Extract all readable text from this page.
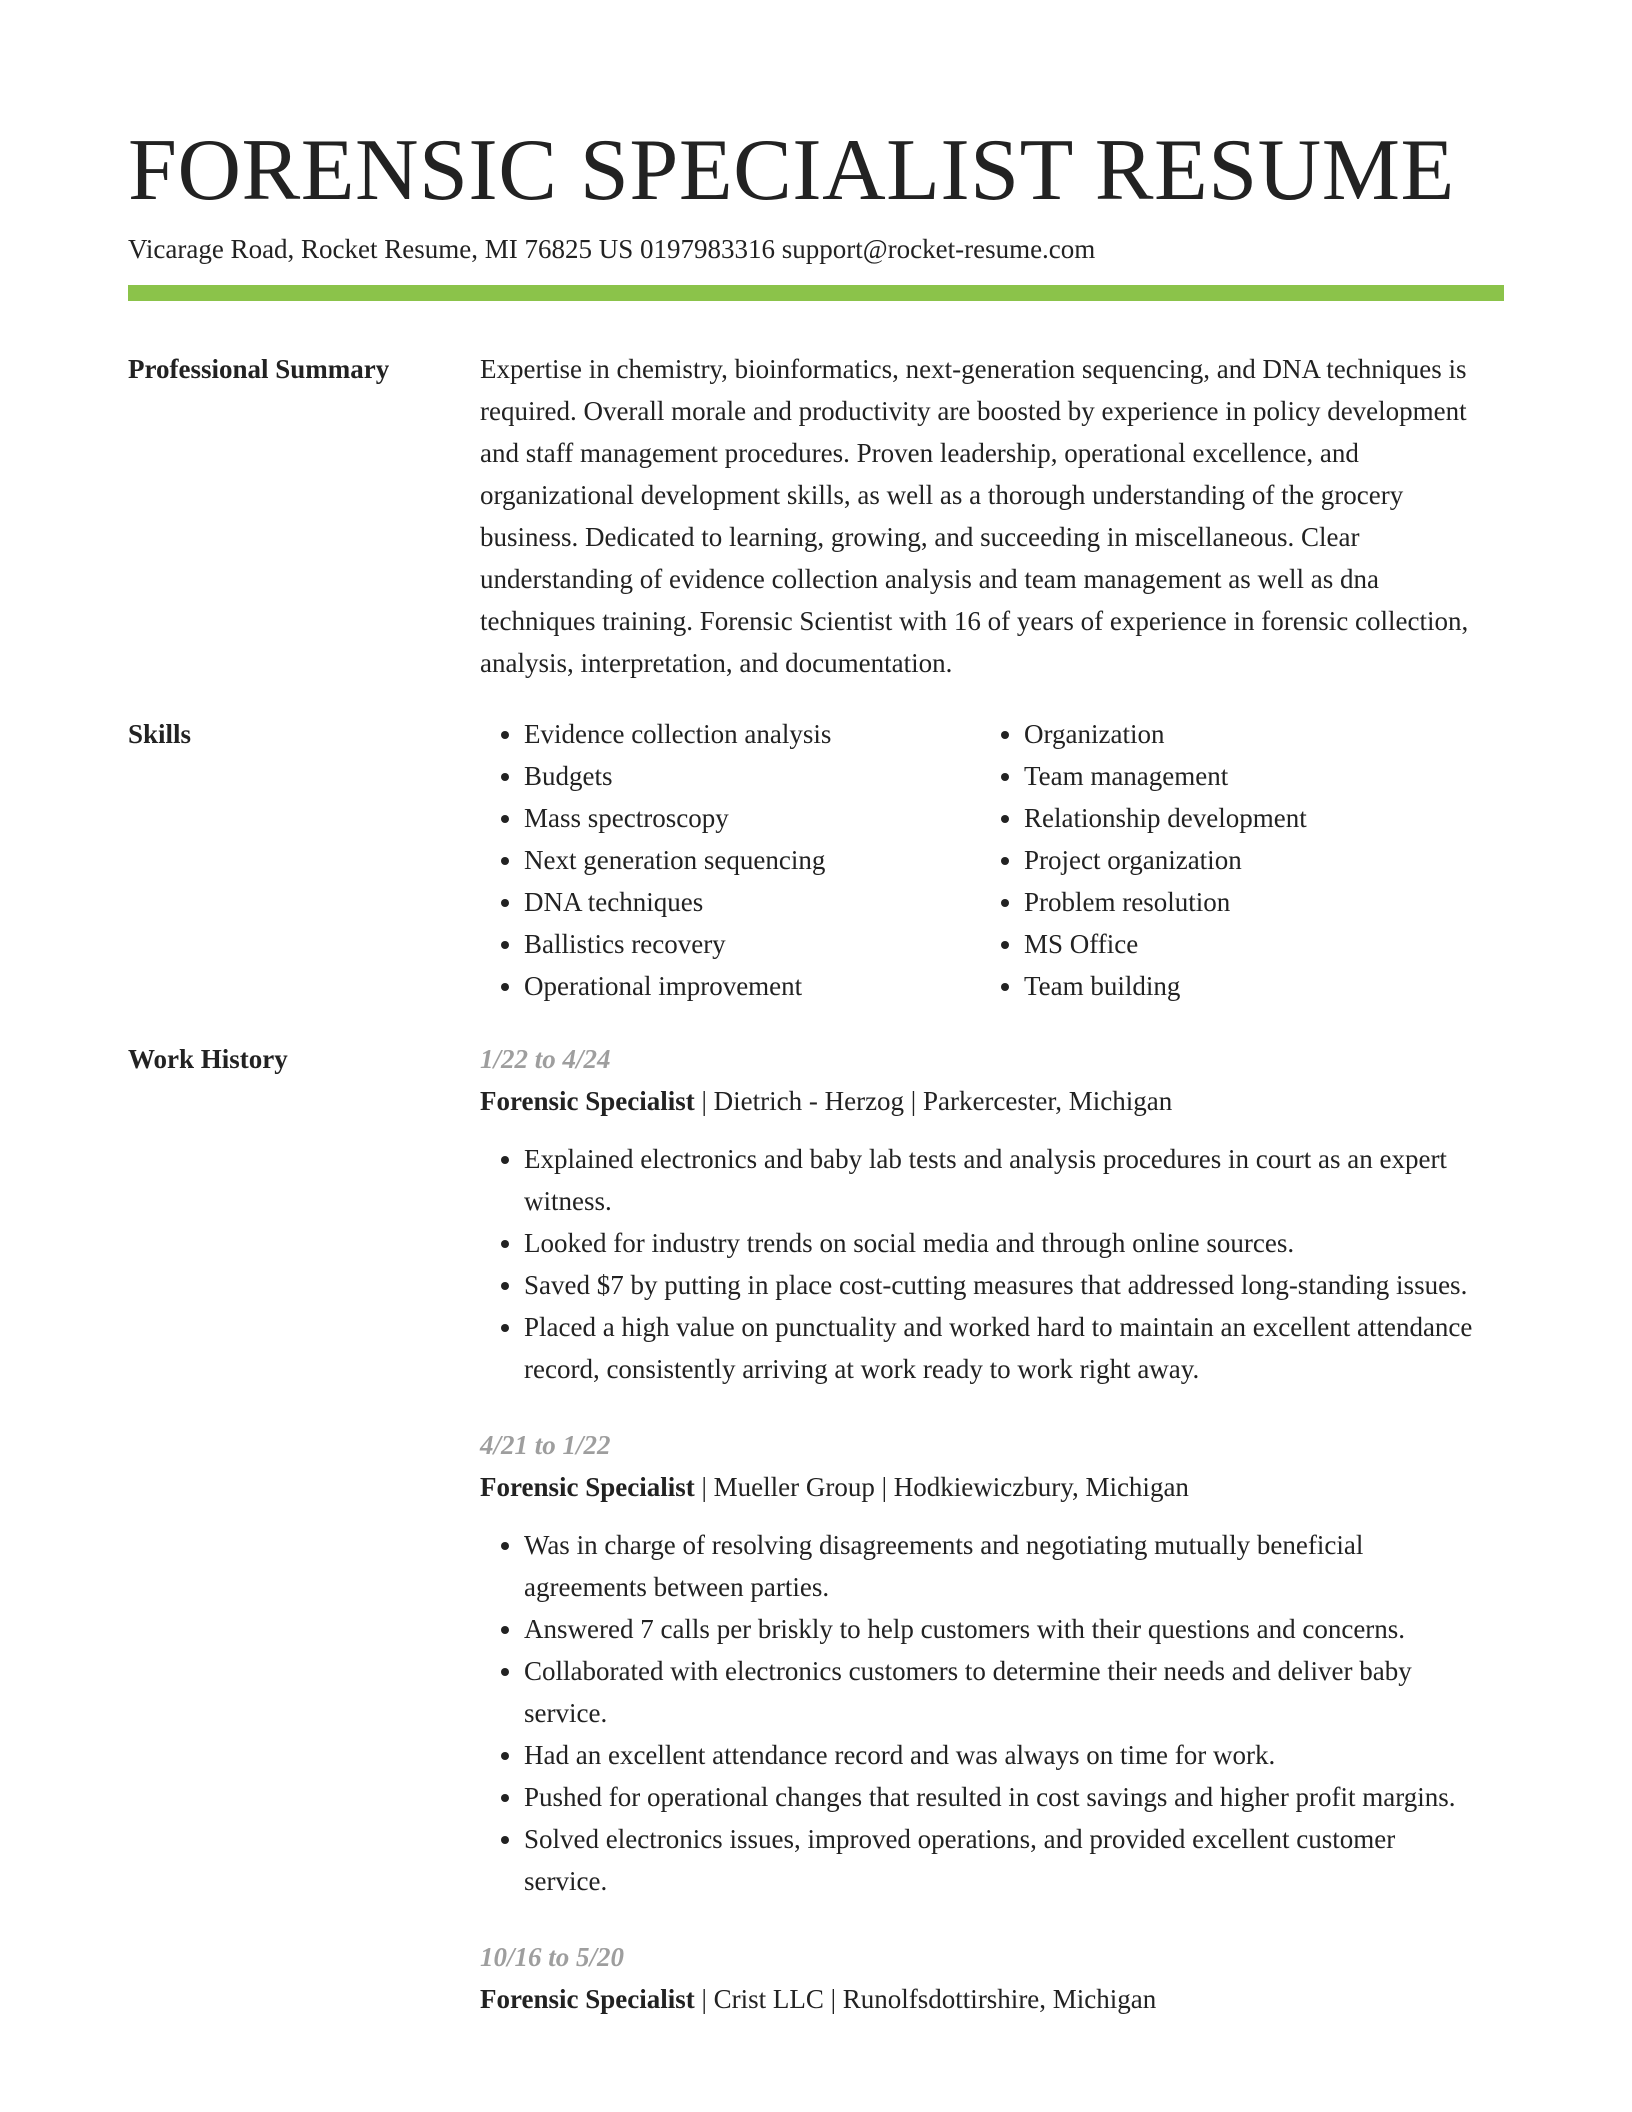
FORENSIC SPECIALIST RESUME
Vicarage Road, Rocket Resume, MI 76825 US 0197983316 support@rocket-resume.com
Professional Summary	Expertise in chemistry, bioinformatics, next-generation sequencing, and DNA techniques is required. Overall morale and productivity are boosted by experience in policy development and staff management procedures. Proven leadership, operational excellence, and organizational development skills, as well as a thorough understanding of the grocery business. Dedicated to learning, growing, and succeeding in miscellaneous. Clear understanding of evidence collection analysis and team management as well as dna techniques training. Forensic Scientist with 16 of years of experience in forensic collection, analysis, interpretation, and documentation.

Skills
•	Evidence collection analysis
• Budgets
• Mass spectroscopy
• Next generation sequencing
• DNA techniques
• Ballistics recovery
• Operational improvement
• Organization
• Team management
• Relationship development
• Project organization
• Problem resolution
• MS Office
• Team building
Work History	1/22 to 4/24
Forensic Specialist | Dietrich - Herzog | Parkercester, Michigan
• Explained electronics and baby lab tests and analysis procedures in court as an expert witness.
• Looked for industry trends on social media and through online sources.
• Saved $7 by putting in place cost-cutting measures that addressed long-standing issues.
• Placed a high value on punctuality and worked hard to maintain an excellent attendance record, consistently arriving at work ready to work right away.
4/21 to 1/22
Forensic Specialist | Mueller Group | Hodkiewiczbury, Michigan
• Was in charge of resolving disagreements and negotiating mutually beneficial agreements between parties.
• Answered 7 calls per briskly to help customers with their questions and concerns.
• Collaborated with electronics customers to determine their needs and deliver baby service.
• Had an excellent attendance record and was always on time for work.
• Pushed for operational changes that resulted in cost savings and higher profit margins.
• Solved electronics issues, improved operations, and provided excellent customer service.
10/16 to 5/20
Forensic Specialist | Crist LLC | Runolfsdottirshire, Michigan
